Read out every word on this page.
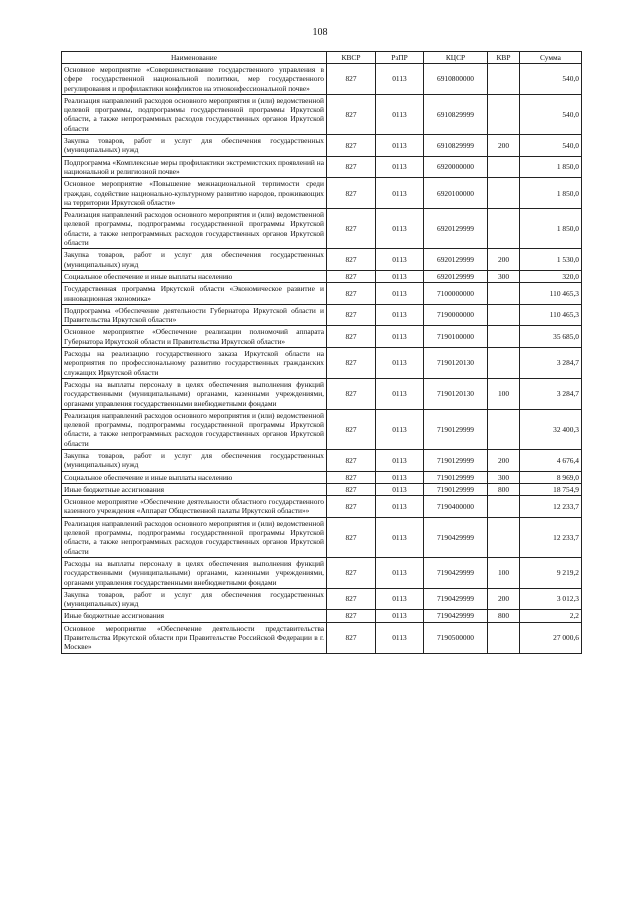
108
Наименование	КВСР	РзПР	КЦСР	КВР	Сумма
Основное мероприятие «Совершенствование государственного управления в сфере государственной национальной политики, мер государственного регулирования и профилактики конфликтов на этноконфессиональной почве»	827	0113	6910800000		540,0
Реализация направлений расходов основного мероприятия и (или) ведомственной целевой программы, подпрограммы государственной программы Иркутской области, а также непрограммных расходов государственных органов Иркутской области	827	0113	6910829999		540,0
Закупка товаров, работ и услуг для обеспечения государственных (муниципальных) нужд	827	0113	6910829999	200	540,0
Подпрограмма «Комплексные меры профилактики экстремистских проявлений на национальной и религиозной почве»	827	0113	6920000000		1 850,0
Основное мероприятие «Повышение межнациональной терпимости среди граждан, содействие национально-культурному развитию народов, проживающих на территории Иркутской области»	827	0113	6920100000		1 850,0
Реализация направлений расходов основного мероприятия и (или) ведомственной целевой программы, подпрограммы государственной программы Иркутской области, а также непрограммных расходов государственных органов Иркутской области	827	0113	6920129999		1 850,0
Закупка товаров, работ и услуг для обеспечения государственных (муниципальных) нужд	827	0113	6920129999	200	1 530,0
Социальное обеспечение и иные выплаты населению	827	0113	6920129999	300	320,0
Государственная программа Иркутской области «Экономическое развитие и инновационная экономика»	827	0113	7100000000		110 465,3
Подпрограмма «Обеспечение деятельности Губернатора Иркутской области и Правительства Иркутской области»	827	0113	7190000000		110 465,3
Основное мероприятие «Обеспечение реализации полномочий аппарата Губернатора Иркутской области и Правительства Иркутской области»	827	0113	7190100000		35 685,0
Расходы на реализацию государственного заказа Иркутской области на мероприятия по профессиональному развитию государственных гражданских служащих Иркутской области	827	0113	7190120130		3 284,7
Расходы на выплаты персоналу в целях обеспечения выполнения функций государственными (муниципальными) органами, казенными учреждениями, органами управления государственными внебюджетными фондами	827	0113	7190120130	100	3 284,7
Реализация направлений расходов основного мероприятия и (или) ведомственной целевой программы, подпрограммы государственной программы Иркутской области, а также непрограммных расходов государственных органов Иркутской области	827	0113	7190129999		32 400,3
Закупка товаров, работ и услуг для обеспечения государственных (муниципальных) нужд	827	0113	7190129999	200	4 676,4
Социальное обеспечение и иные выплаты населению	827	0113	7190129999	300	8 969,0
Иные бюджетные ассигнования	827	0113	7190129999	800	18 754,9
Основное мероприятие «Обеспечение деятельности областного государственного казенного учреждения «Аппарат Общественной палаты Иркутской области»»	827	0113	7190400000		12 233,7
Реализация направлений расходов основного мероприятия и (или) ведомственной целевой программы, подпрограммы государственной программы Иркутской области, а также непрограммных расходов государственных органов Иркутской области	827	0113	7190429999		12 233,7
Расходы на выплаты персоналу в целях обеспечения выполнения функций государственными (муниципальными) органами, казенными учреждениями, органами управления государственными внебюджетными фондами	827	0113	7190429999	100	9 219,2
Закупка товаров, работ и услуг для обеспечения государственных (муниципальных) нужд	827	0113	7190429999	200	3 012,3
Иные бюджетные ассигнования	827	0113	7190429999	800	2,2
Основное мероприятие «Обеспечение деятельности представительства Правительства Иркутской области при Правительстве Российской Федерации в г. Москве»	827	0113	7190500000		27 000,6
